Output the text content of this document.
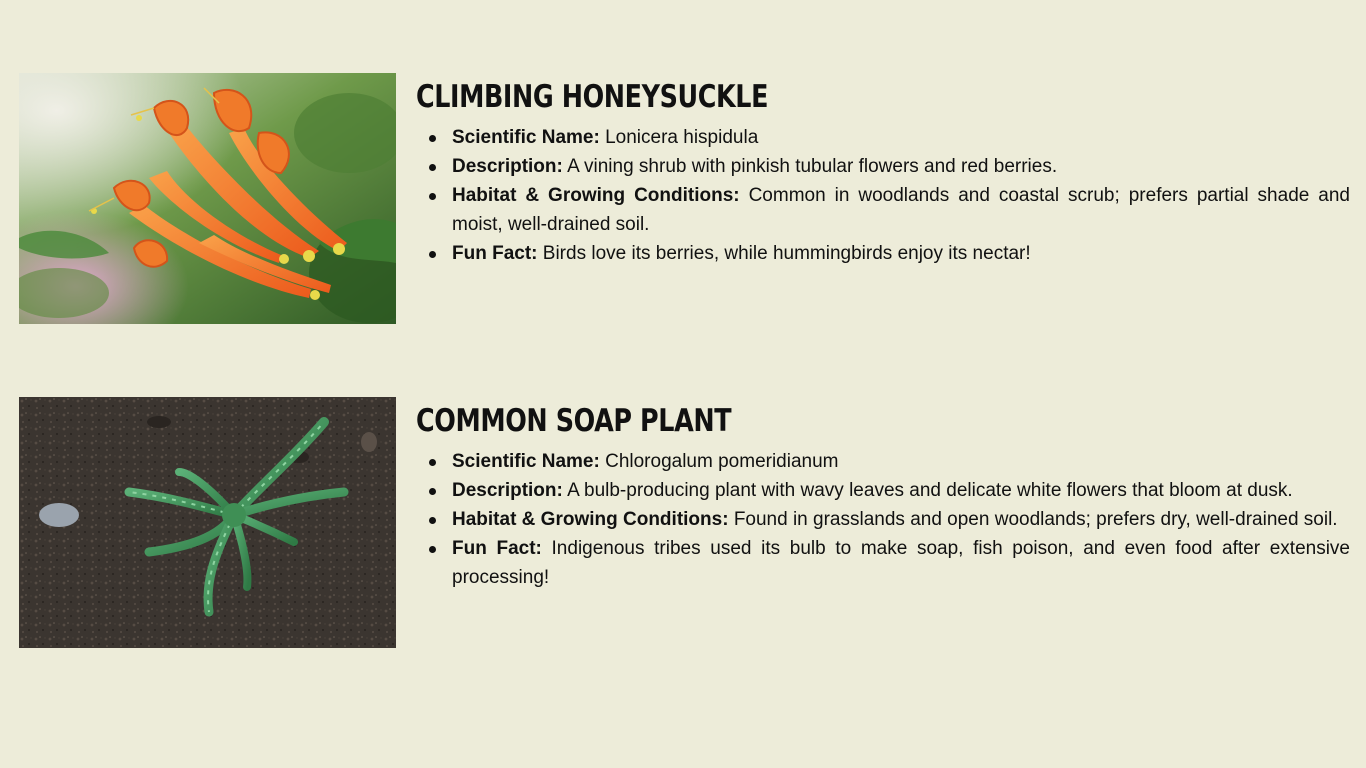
CLIMBING HONEYSUCKLE
Scientific Name: Lonicera hispidula
Description: A vining shrub with pinkish tubular flowers and red berries.
Habitat & Growing Conditions: Common in woodlands and coastal scrub; prefers partial shade and moist, well-drained soil.
Fun Fact: Birds love its berries, while hummingbirds enjoy its nectar!
COMMON SOAP PLANT
Scientific Name: Chlorogalum pomeridianum
Description: A bulb-producing plant with wavy leaves and delicate white flowers that bloom at dusk.
Habitat & Growing Conditions: Found in grasslands and open woodlands; prefers dry, well-drained soil.
Fun Fact: Indigenous tribes used its bulb to make soap, fish poison, and even food after extensive processing!
